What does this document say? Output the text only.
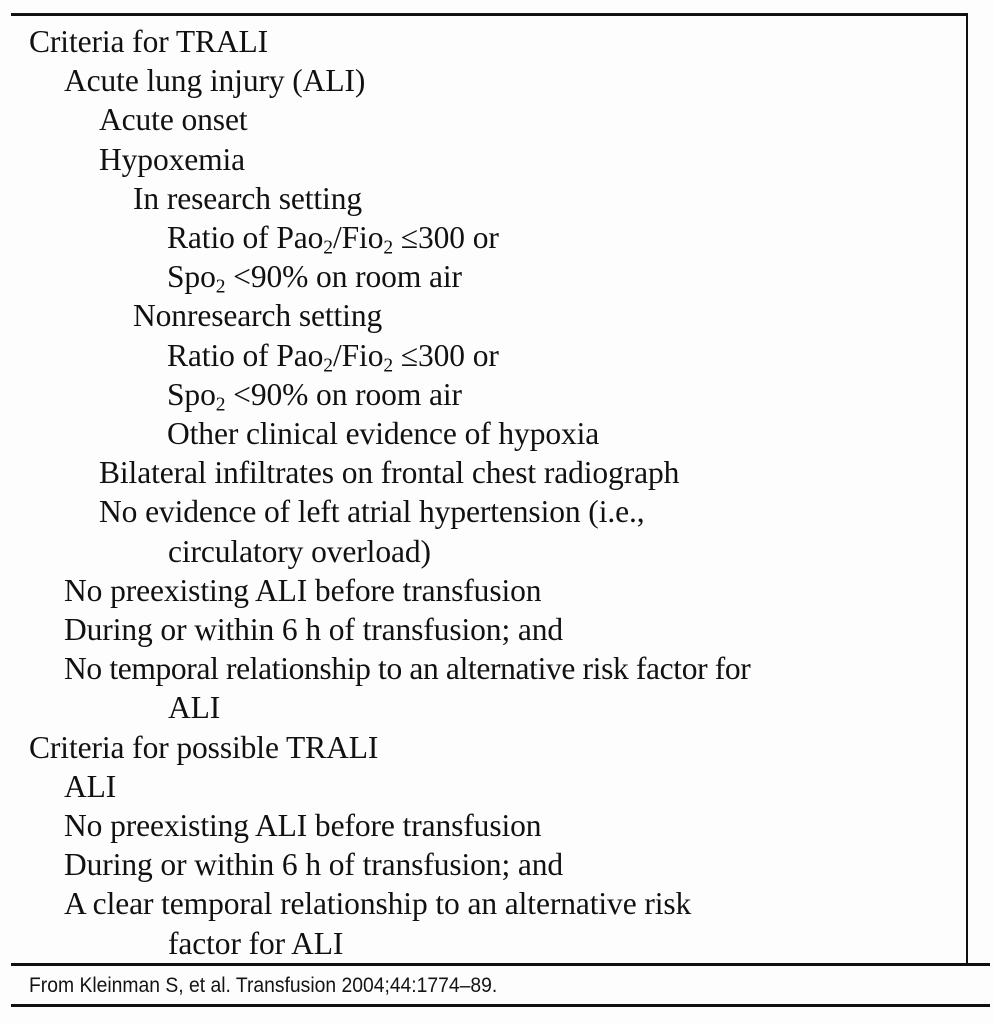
Criteria for TRALI
Acute lung injury (ALI)
Acute onset
Hypoxemia
In research setting
Ratio of Pao$_2$/Fio$_2$ ≤300 or
Spo$_2$ <90% on room air
Nonresearch setting
Ratio of Pao$_2$/Fio$_2$ ≤300 or
Spo$_2$ <90% on room air
Other clinical evidence of hypoxia
Bilateral infiltrates on frontal chest radiograph
No evidence of left atrial hypertension (i.e.,
circulatory overload)
No preexisting ALI before transfusion
During or within 6 h of transfusion; and
No temporal relationship to an alternative risk factor for
ALI
Criteria for possible TRALI
ALI
No preexisting ALI before transfusion
During or within 6 h of transfusion; and
A clear temporal relationship to an alternative risk
factor for ALI
From Kleinman S, et al. Transfusion 2004;44:1774–89.
